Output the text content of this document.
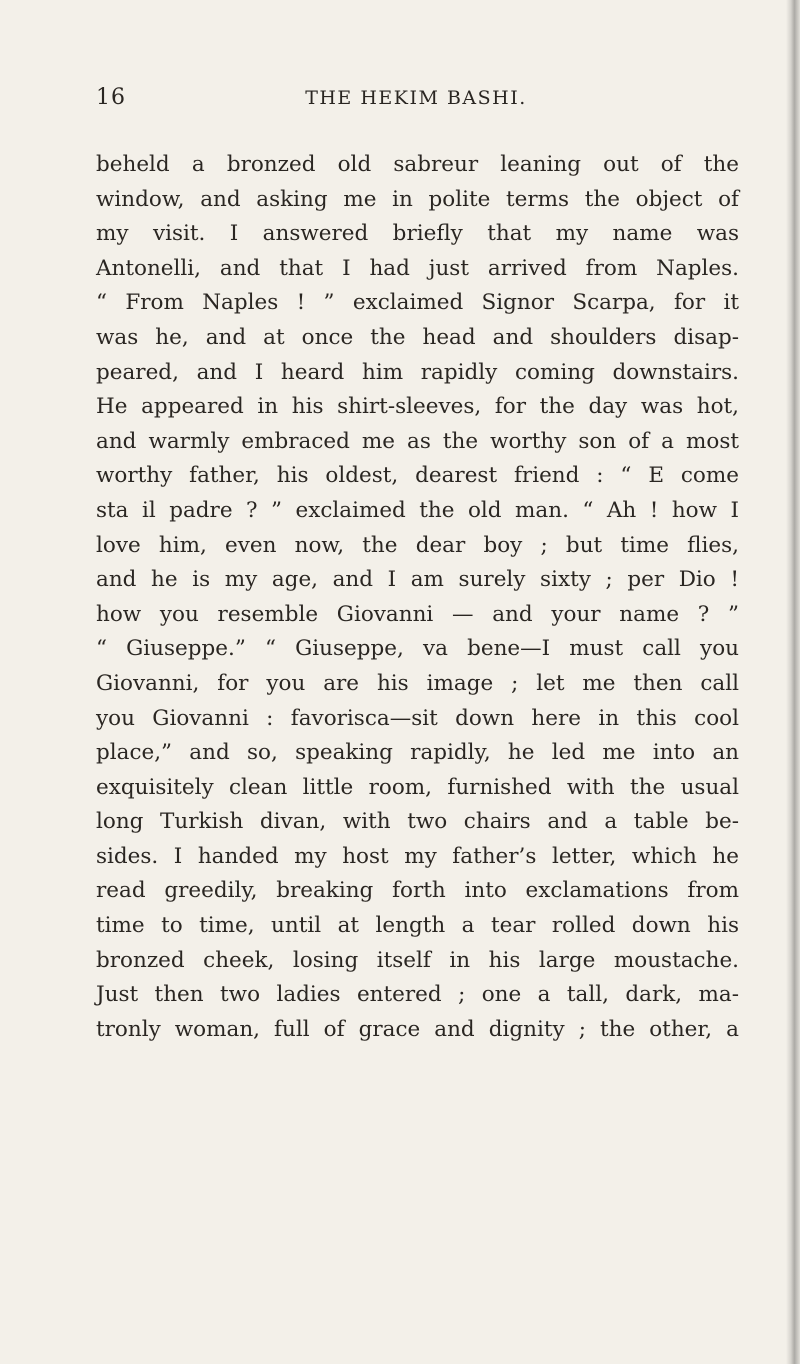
16	THE HEKIM BASHI.
beheld a bronzed old sabreur leaning out of the
window, and asking me in polite terms the object of
my visit. I answered briefly that my name was
Antonelli, and that I had just arrived from Naples.
“ From Naples ! ” exclaimed Signor Scarpa, for it
was he, and at once the head and shoulders disap-
peared, and I heard him rapidly coming downstairs.
He appeared in his shirt-sleeves, for the day was hot,
and warmly embraced me as the worthy son of a most
worthy father, his oldest, dearest friend : “ E come
sta il padre ? ” exclaimed the old man. “ Ah ! how I
love him, even now, the dear boy ; but time flies,
and he is my age, and I am surely sixty ; per Dio !
how you resemble Giovanni — and your name ? ”
“ Giuseppe.” “ Giuseppe, va bene—I must call you
Giovanni, for you are his image ; let me then call
you Giovanni : favorisca—sit down here in this cool
place,” and so, speaking rapidly, he led me into an
exquisitely clean little room, furnished with the usual
long Turkish divan, with two chairs and a table be-
sides. I handed my host my father’s letter, which he
read greedily, breaking forth into exclamations from
time to time, until at length a tear rolled down his
bronzed cheek, losing itself in his large moustache.
Just then two ladies entered ; one a tall, dark, ma-
tronly woman, full of grace and dignity ; the other, a
